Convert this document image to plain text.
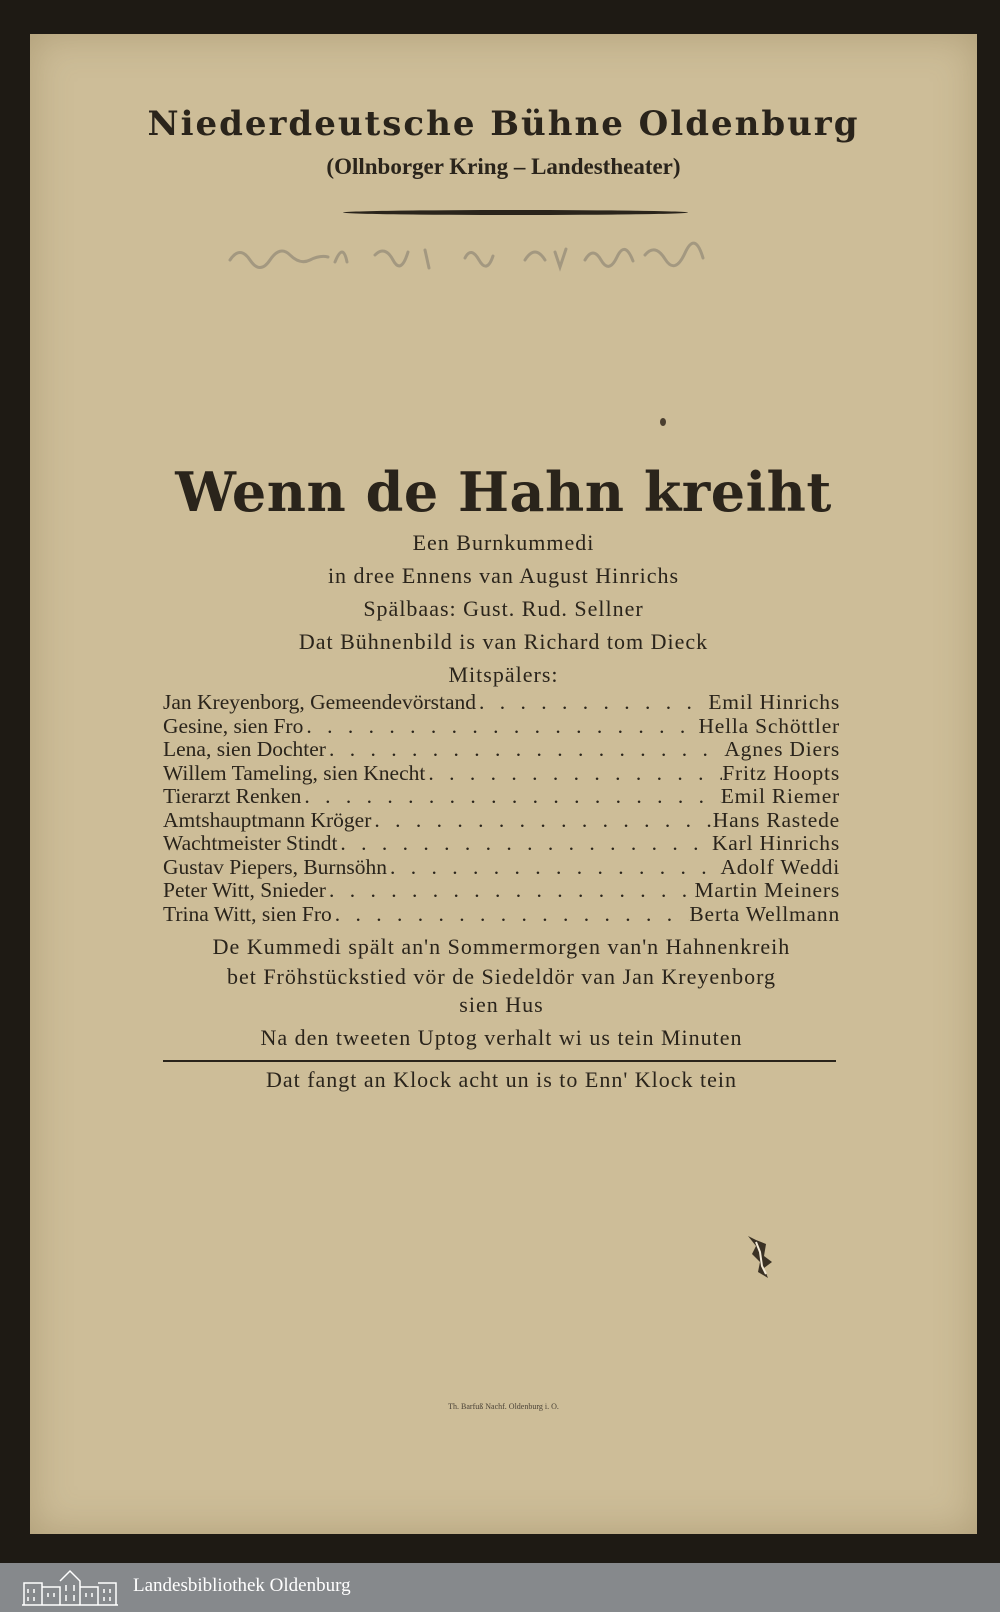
Niederdeutsche Bühne Oldenburg
(Ollnborger Kring – Landestheater)
Wenn de Hahn kreiht
Een Burnkummedi
in dree Ennens van August Hinrichs
Spälbaas: Gust. Rud. Sellner
Dat Bühnenbild is van Richard tom Dieck
Mitspälers:
Jan Kreyenborg, Gemeendevörstand . . .	Emil Hinrichs
Gesine, sien Fro . . .	Hella Schöttler
Lena, sien Dochter . . .	Agnes Diers
Willem Tameling, sien Knecht . . .	Fritz Hoopts
Tierarzt Renken . . .	Emil Riemer
Amtshauptmann Kröger . . .	Hans Rastede
Wachtmeister Stindt . . .	Karl Hinrichs
Gustav Piepers, Burnsöhn . . .	Adolf Weddi
Peter Witt, Snieder . . .	Martin Meiners
Trina Witt, sien Fro . . .	Berta Wellmann
De Kummedi spält an'n Sommermorgen van'n Hahnenkreih
bet Fröhstückstied vör de Siedeldör van Jan Kreyenborg
sien Hus
Na den tweeten Uptog verhalt wi us tein Minuten
Dat fangt an Klock acht un is to Enn' Klock tein
Th. Barfuß Nachf. Oldenburg i. O.
Landesbibliothek Oldenburg
